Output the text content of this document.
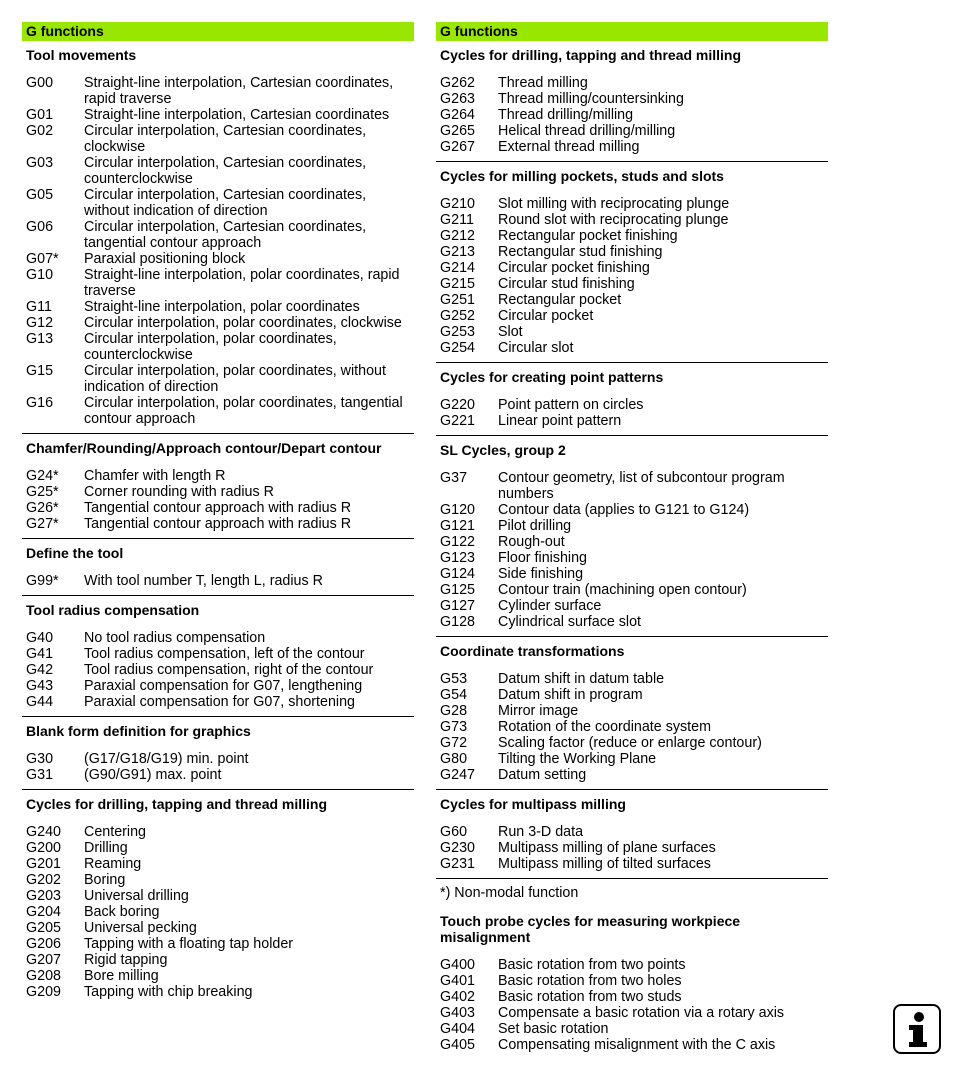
G functions
Tool movements
G00	Straight-line interpolation, Cartesian coordinates, rapid traverse
G01	Straight-line interpolation, Cartesian coordinates
G02	Circular interpolation, Cartesian coordinates, clockwise
G03	Circular interpolation, Cartesian coordinates, counterclockwise
G05	Circular interpolation, Cartesian coordinates, without indication of direction
G06	Circular interpolation, Cartesian coordinates, tangential contour approach
G07*	Paraxial positioning block
G10	Straight-line interpolation, polar coordinates, rapid traverse
G11	Straight-line interpolation, polar coordinates
G12	Circular interpolation, polar coordinates, clockwise
G13	Circular interpolation, polar coordinates, counterclockwise
G15	Circular interpolation, polar coordinates, without indication of direction
G16	Circular interpolation, polar coordinates, tangential contour approach
Chamfer/Rounding/Approach contour/Depart contour
G24*	Chamfer with length R
G25*	Corner rounding with radius R
G26*	Tangential contour approach with radius R
G27*	Tangential contour approach with radius R
Define the tool
G99*	With tool number T, length L, radius R
Tool radius compensation
G40	No tool radius compensation
G41	Tool radius compensation, left of the contour
G42	Tool radius compensation, right of the contour
G43	Paraxial compensation for G07, lengthening
G44	Paraxial compensation for G07, shortening
Blank form definition for graphics
G30	(G17/G18/G19) min. point
G31	(G90/G91) max. point
Cycles for drilling, tapping and thread milling
G240	Centering
G200	Drilling
G201	Reaming
G202	Boring
G203	Universal drilling
G204	Back boring
G205	Universal pecking
G206	Tapping with a floating tap holder
G207	Rigid tapping
G208	Bore milling
G209	Tapping with chip breaking
G functions
Cycles for drilling, tapping and thread milling
G262	Thread milling
G263	Thread milling/countersinking
G264	Thread drilling/milling
G265	Helical thread drilling/milling
G267	External thread milling
Cycles for milling pockets, studs and slots
G210	Slot milling with reciprocating plunge
G211	Round slot with reciprocating plunge
G212	Rectangular pocket finishing
G213	Rectangular stud finishing
G214	Circular pocket finishing
G215	Circular stud finishing
G251	Rectangular pocket
G252	Circular pocket
G253	Slot
G254	Circular slot
Cycles for creating point patterns
G220	Point pattern on circles
G221	Linear point pattern
SL Cycles, group 2
G37	Contour geometry, list of subcontour program numbers
G120	Contour data (applies to G121 to G124)
G121	Pilot drilling
G122	Rough-out
G123	Floor finishing
G124	Side finishing
G125	Contour train (machining open contour)
G127	Cylinder surface
G128	Cylindrical surface slot
Coordinate transformations
G53	Datum shift in datum table
G54	Datum shift in program
G28	Mirror image
G73	Rotation of the coordinate system
G72	Scaling factor (reduce or enlarge contour)
G80	Tilting the Working Plane
G247	Datum setting
Cycles for multipass milling
G60	Run 3-D data
G230	Multipass milling of plane surfaces
G231	Multipass milling of tilted surfaces
*) Non-modal function
Touch probe cycles for measuring workpiece misalignment
G400	Basic rotation from two points
G401	Basic rotation from two holes
G402	Basic rotation from two studs
G403	Compensate a basic rotation via a rotary axis
G404	Set basic rotation
G405	Compensating misalignment with the C axis
